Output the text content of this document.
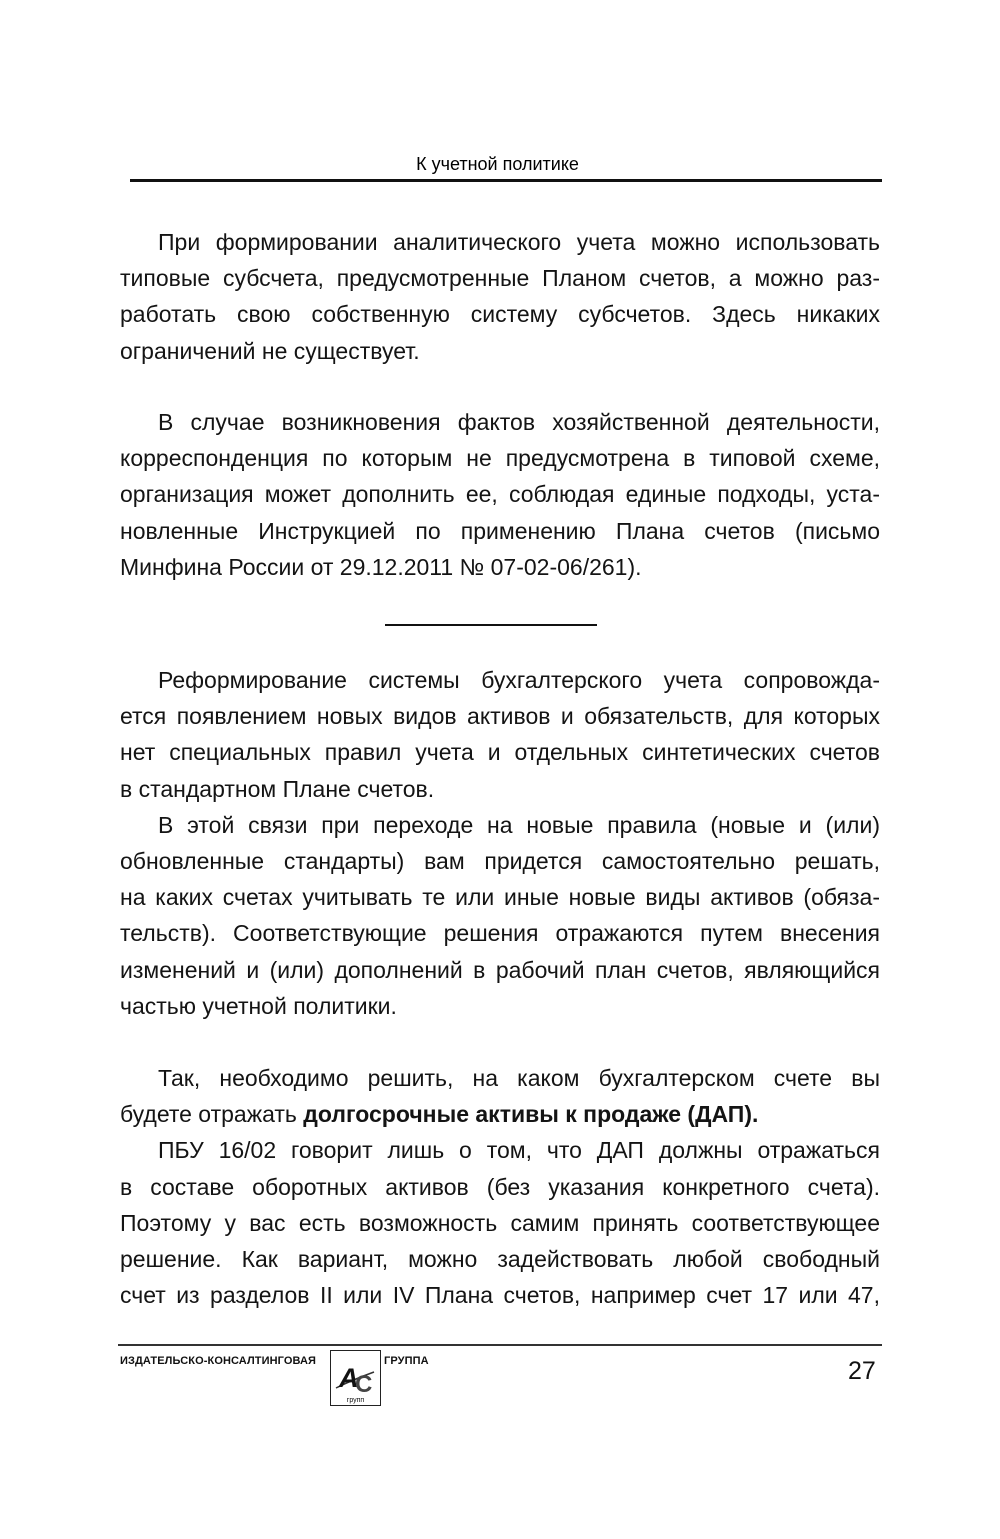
К учетной политике
При формировании аналитического учета можно использовать
типовые субсчета, предусмотренные Планом счетов, а можно раз-
работать свою собственную систему субсчетов. Здесь никаких
ограничений не существует.
В случае возникновения фактов хозяйственной деятельности,
корреспонденция по которым не предусмотрена в типовой схеме,
организация может дополнить ее, соблюдая единые подходы, уста-
новленные Инструкцией по применению Плана счетов (письмо
Минфина России от 29.12.2011 № 07-02-06/261).
Реформирование системы бухгалтерского учета сопровожда-
ется появлением новых видов активов и обязательств, для которых
нет специальных правил учета и отдельных синтетических счетов
в стандартном Плане счетов.
В этой связи при переходе на новые правила (новые и (или)
обновленные стандарты) вам придется самостоятельно решать,
на каких счетах учитывать те или иные новые виды активов (обяза-
тельств). Соответствующие решения отражаются путем внесения
изменений и (или) дополнений в рабочий план счетов, являющийся
частью учетной политики.
Так, необходимо решить, на каком бухгалтерском счете вы
будете отражать долгосрочные активы к продаже (ДАП).
ПБУ 16/02 говорит лишь о том, что ДАП должны отражаться
в составе оборотных активов (без указания конкретного счета).
Поэтому у вас есть возможность самим принять соответствующее
решение. Как вариант, можно задействовать любой свободный
счет из разделов II или IV Плана счетов, например счет 17 или 47,
ИЗДАТЕЛЬСКО-КОНСАЛТИНГОВАЯ
А
С
групп
ГРУППА	27
